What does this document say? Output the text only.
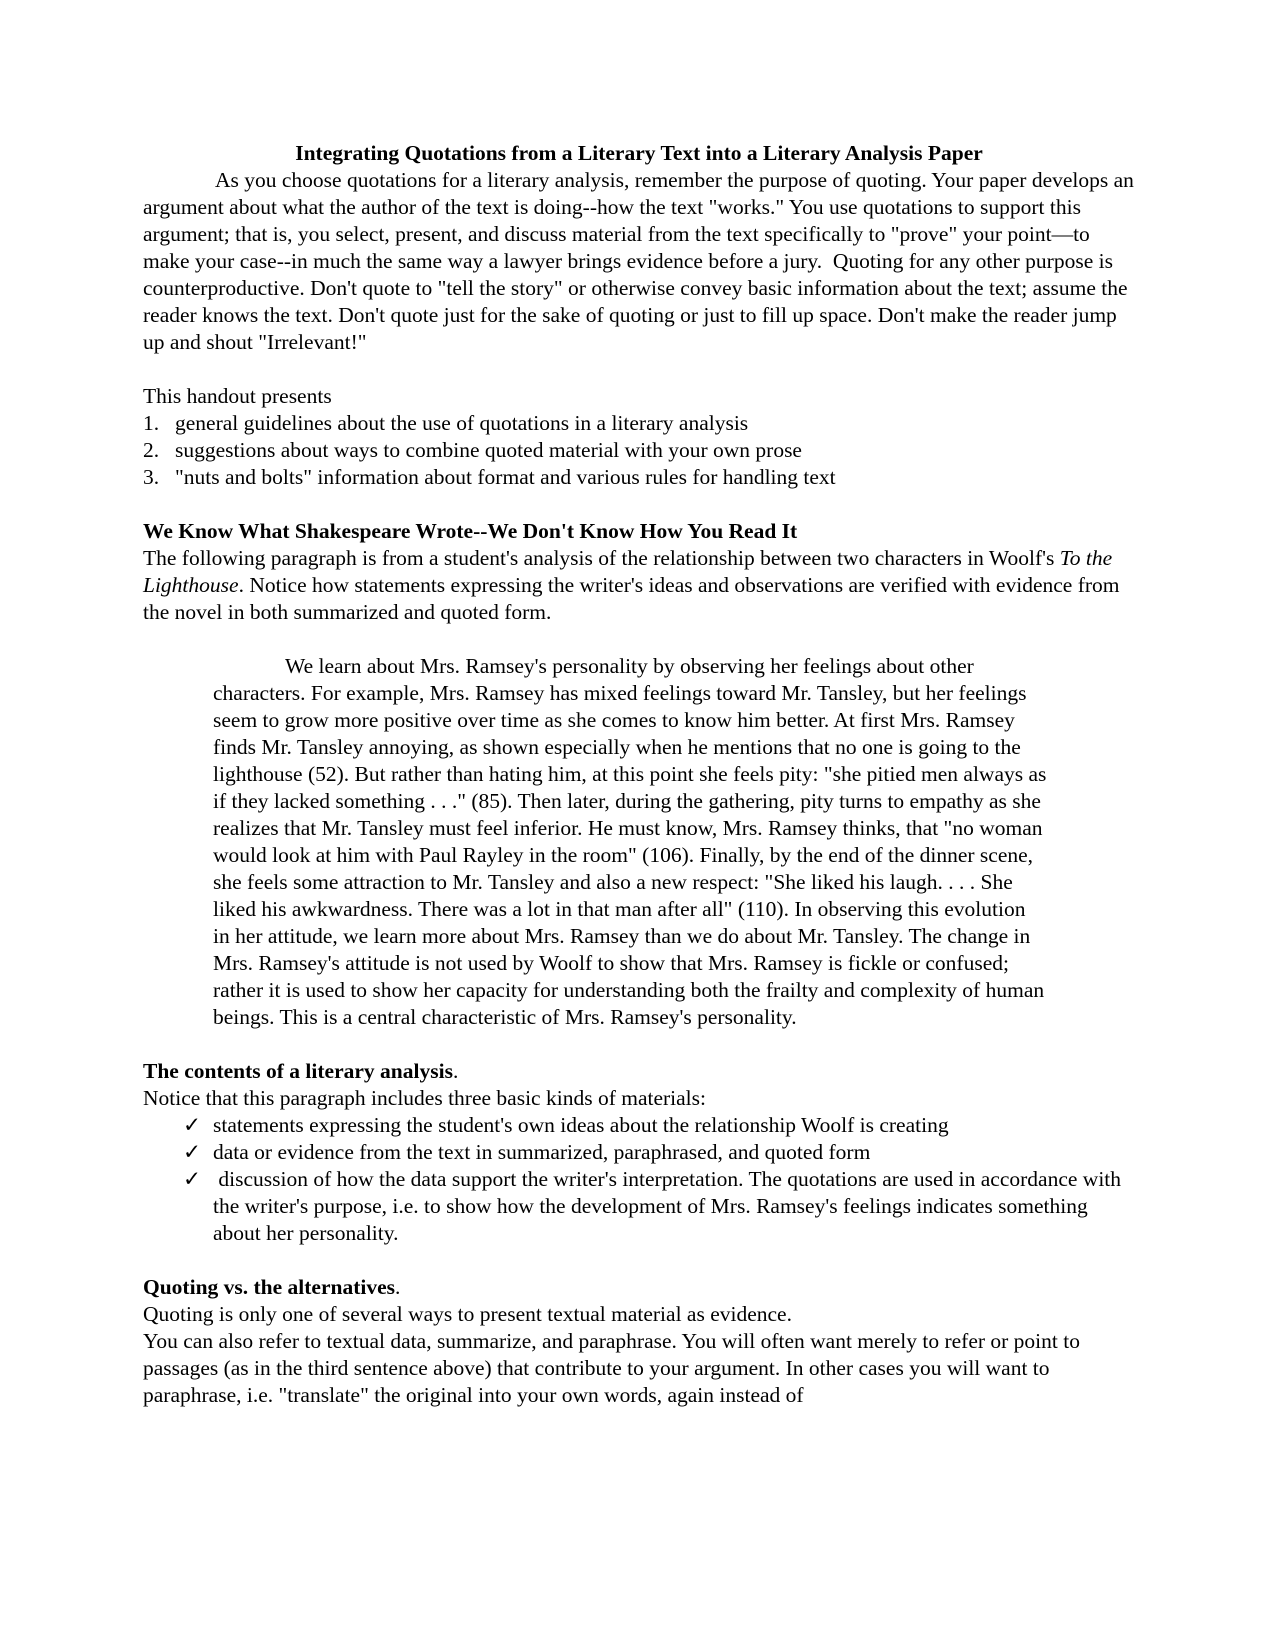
Integrating Quotations from a Literary Text into a Literary Analysis Paper

As you choose quotations for a literary analysis, remember the purpose of quoting. Your paper develops an argument about what the author of the text is doing--how the text "works." You use quotations to support this argument; that is, you select, present, and discuss material from the text specifically to "prove" your point—to make your case--in much the same way a lawyer brings evidence before a jury.  Quoting for any other purpose is counterproductive. Don't quote to "tell the story" or otherwise convey basic information about the text; assume the reader knows the text. Don't quote just for the sake of quoting or just to fill up space. Don't make the reader jump up and shout "Irrelevant!"

This handout presents

1. general guidelines about the use of quotations in a literary analysis
2. suggestions about ways to combine quoted material with your own prose
3. "nuts and bolts" information about format and various rules for handling text
We Know What Shakespeare Wrote--We Don't Know How You Read It

The following paragraph is from a student's analysis of the relationship between two characters in Woolf's To the Lighthouse. Notice how statements expressing the writer's ideas and observations are verified with evidence from the novel in both summarized and quoted form.

We learn about Mrs. Ramsey's personality by observing her feelings about other characters. For example, Mrs. Ramsey has mixed feelings toward Mr. Tansley, but her feelings seem to grow more positive over time as she comes to know him better. At first Mrs. Ramsey finds Mr. Tansley annoying, as shown especially when he mentions that no one is going to the lighthouse (52). But rather than hating him, at this point she feels pity: "she pitied men always as if they lacked something . . ." (85). Then later, during the gathering, pity turns to empathy as she realizes that Mr. Tansley must feel inferior. He must know, Mrs. Ramsey thinks, that "no woman would look at him with Paul Rayley in the room" (106). Finally, by the end of the dinner scene, she feels some attraction to Mr. Tansley and also a new respect: "She liked his laugh. . . . She liked his awkwardness. There was a lot in that man after all" (110). In observing this evolution in her attitude, we learn more about Mrs. Ramsey than we do about Mr. Tansley. The change in Mrs. Ramsey's attitude is not used by Woolf to show that Mrs. Ramsey is fickle or confused; rather it is used to show her capacity for understanding both the frailty and complexity of human beings. This is a central characteristic of Mrs. Ramsey's personality.

The contents of a literary analysis.

Notice that this paragraph includes three basic kinds of materials:

✓ statements expressing the student's own ideas about the relationship Woolf is creating
✓ data or evidence from the text in summarized, paraphrased, and quoted form
✓ discussion of how the data support the writer's interpretation. The quotations are used in accordance with the writer's purpose, i.e. to show how the development of Mrs. Ramsey's feelings indicates something about her personality.
Quoting vs. the alternatives.

Quoting is only one of several ways to present textual material as evidence.

You can also refer to textual data, summarize, and paraphrase. You will often want merely to refer or point to passages (as in the third sentence above) that contribute to your argument. In other cases you will want to paraphrase, i.e. "translate" the original into your own words, again instead of
